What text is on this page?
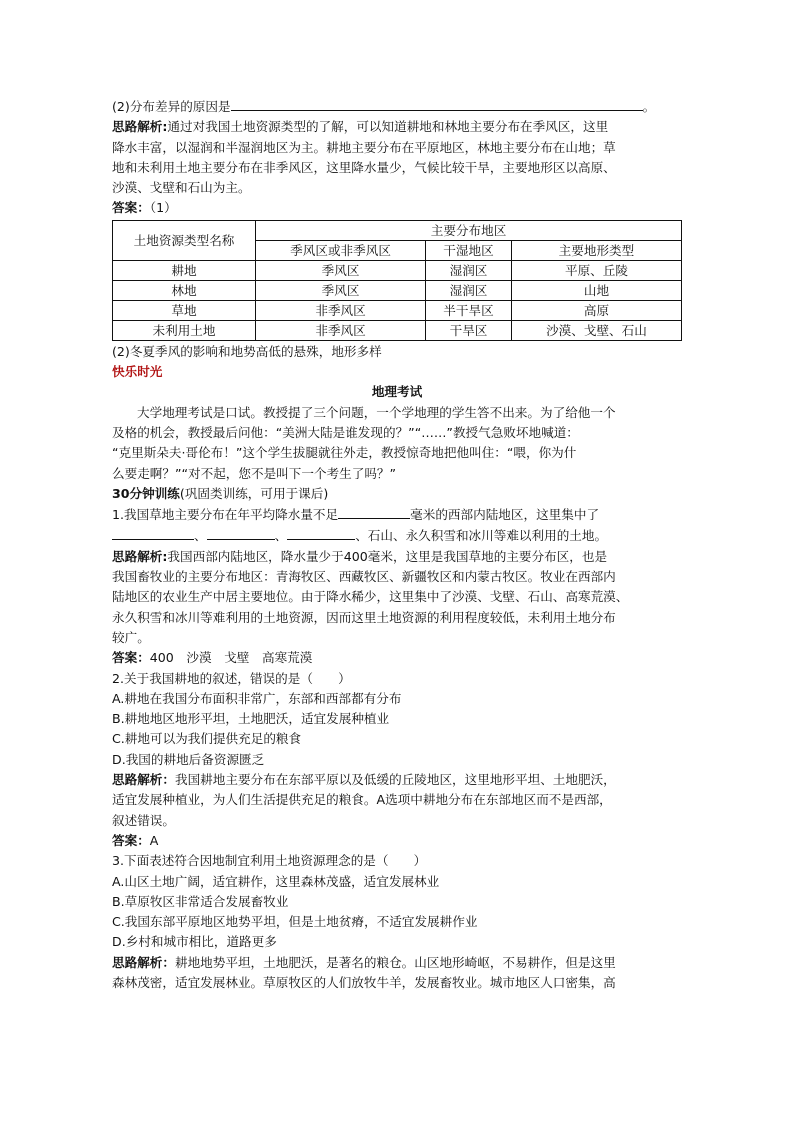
(2)分布差异的原因是	。
思路解析:通过对我国土地资源类型的了解，可以知道耕地和林地主要分布在季风区，这里
降水丰富，以湿润和半湿润地区为主。耕地主要分布在平原地区，林地主要分布在山地；草
地和未利用土地主要分布在非季风区，这里降水量少，气候比较干旱，主要地形区以高原、
沙漠、戈壁和石山为主。
答案：（1）
土地资源类型名称	主要分布地区		
	季风区或非季风区	干湿地区	主要地形类型
耕地	季风区	湿润区	平原、丘陵
林地	季风区	湿润区	山地
草地	非季风区	半干旱区	高原
未利用土地	非季风区	干旱区	沙漠、戈壁、石山
(2)冬夏季风的影响和地势高低的悬殊，地形多样
快乐时光
地理考试
大学地理考试是口试。教授提了三个问题，一个学地理的学生答不出来。为了给他一个
及格的机会，教授最后问他：“美洲大陆是谁发现的？”“……”教授气急败坏地喊道：
“克里斯朵夫·哥伦布！”这个学生拔腿就往外走，教授惊奇地把他叫住：“喂，你为什
么要走啊？”“对不起，您不是叫下一个考生了吗？”
30分钟训练(巩固类训练，可用于课后)
1.我国草地主要分布在年平均降水量不足	毫米的西部内陆地区，这里集中了
、	、	、石山、永久积雪和冰川等难以利用的土地。
思路解析:我国西部内陆地区，降水量少于400毫米，这里是我国草地的主要分布区，也是
我国畜牧业的主要分布地区：青海牧区、西藏牧区、新疆牧区和内蒙古牧区。牧业在西部内
陆地区的农业生产中居主要地位。由于降水稀少，这里集中了沙漠、戈壁、石山、高寒荒漠、
永久积雪和冰川等难利用的土地资源，因而这里土地资源的利用程度较低，未利用土地分布
较广。
答案：400　沙漠　戈壁　高寒荒漠
2.关于我国耕地的叙述，错误的是（　　）
A.耕地在我国分布面积非常广，东部和西部都有分布
B.耕地地区地形平坦，土地肥沃，适宜发展种植业
C.耕地可以为我们提供充足的粮食
D.我国的耕地后备资源匮乏
思路解析：我国耕地主要分布在东部平原以及低缓的丘陵地区，这里地形平坦、土地肥沃，
适宜发展种植业，为人们生活提供充足的粮食。A选项中耕地分布在东部地区而不是西部，
叙述错误。
答案：A
3.下面表述符合因地制宜利用土地资源理念的是（　　）
A.山区土地广阔，适宜耕作，这里森林茂盛，适宜发展林业
B.草原牧区非常适合发展畜牧业
C.我国东部平原地区地势平坦，但是土地贫瘠，不适宜发展耕作业
D.乡村和城市相比，道路更多
思路解析：耕地地势平坦，土地肥沃，是著名的粮仓。山区地形崎岖，不易耕作，但是这里
森林茂密，适宜发展林业。草原牧区的人们放牧牛羊，发展畜牧业。城市地区人口密集，高
